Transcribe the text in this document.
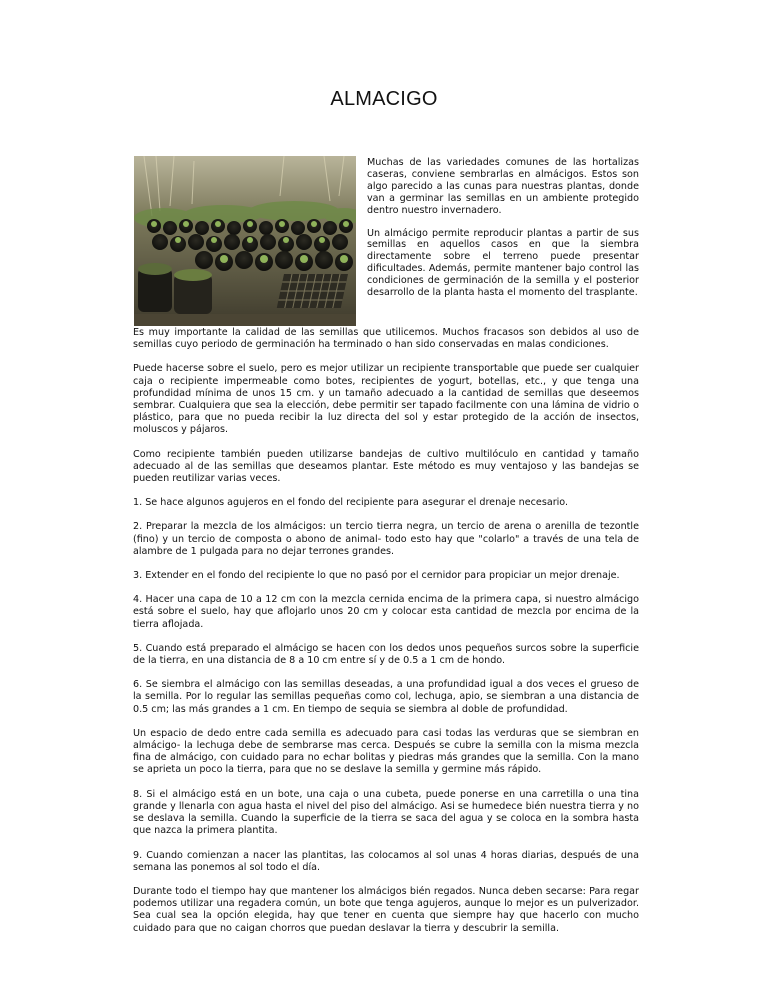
ALMACIGO

Muchas de las variedades comunes de las hortalizas caseras, conviene sembrarlas en almácigos. Estos son algo parecido a las cunas para nuestras plantas, donde van a germinar las semillas en un ambiente protegido dentro nuestro invernadero.

Un almácigo permite reproducir plantas a partir de sus semillas en aquellos casos en que la siembra directamente sobre el terreno puede presentar dificultades. Además, permite mantener bajo control las condiciones de germinación de la semilla y el posterior desarrollo de la planta hasta el momento del trasplante.

Es muy importante la calidad de las semillas que utilicemos. Muchos fracasos son debidos al uso de semillas cuyo periodo de germinación ha terminado o han sido conservadas en malas condiciones.

Puede hacerse sobre el suelo, pero es mejor utilizar un recipiente transportable que puede ser cualquier caja o recipiente impermeable como botes, recipientes de yogurt, botellas, etc., y que tenga una profundidad mínima de unos 15 cm. y un tamaño adecuado a la cantidad de semillas que deseemos sembrar. Cualquiera que sea la elección, debe permitir ser tapado facilmente con una lámina de vidrio o plástico, para que no pueda recibir la luz directa del sol y estar protegido de la acción de insectos, moluscos y pájaros.

Como recipiente también pueden utilizarse bandejas de cultivo multilóculo en cantidad y tamaño adecuado al de las semillas que deseamos plantar. Este método es muy ventajoso y las bandejas se pueden reutilizar varias veces.

1. Se hace algunos agujeros en el fondo del recipiente para asegurar el drenaje necesario.

2. Preparar la mezcla de los almácigos: un tercio tierra negra, un tercio de arena o arenilla de tezontle (fino) y un tercio de composta o abono de animal- todo esto hay que "colarlo" a través de una tela de alambre de 1 pulgada para no dejar terrones grandes.

3. Extender en el fondo del recipiente lo que no pasó por el cernidor para propiciar un mejor drenaje.

4. Hacer una capa de 10 a 12 cm con la mezcla cernida encima de la primera capa, si nuestro almácigo está sobre el suelo, hay que aflojarlo unos 20 cm y colocar esta cantidad de mezcla por encima de la tierra aflojada.

5. Cuando está preparado el almácigo se hacen con los dedos unos pequeños surcos sobre la superficie de la tierra, en una distancia de 8 a 10 cm entre sí y de 0.5 a 1 cm de hondo.

6. Se siembra el almácigo con las semillas deseadas, a una profundidad igual a dos veces el grueso de la semilla. Por lo regular las semillas pequeñas como col, lechuga, apio, se siembran a una distancia de 0.5 cm; las más grandes a 1 cm. En tiempo de sequia se siembra al doble de profundidad.

Un espacio de dedo entre cada semilla es adecuado para casi todas las verduras que se siembran en almácigo- la lechuga debe de sembrarse mas cerca. Después se cubre la semilla con la misma mezcla fina de almácigo, con cuidado para no echar bolitas y piedras más grandes que la semilla. Con la mano se aprieta un poco la tierra, para que no se deslave la semilla y germine más rápido.

8. Si el almácigo está en un bote, una caja o una cubeta, puede ponerse en una carretilla o una tina grande y llenarla con agua hasta el nivel del piso del almácigo. Asi se humedece bién nuestra tierra y no se deslava la semilla. Cuando la superficie de la tierra se saca del agua y se coloca en la sombra hasta que nazca la primera plantita.

9. Cuando comienzan a nacer las plantitas, las colocamos al sol unas 4 horas diarias, después de una semana las ponemos al sol todo el día.

Durante todo el tiempo hay que mantener los almácigos bién regados. Nunca deben secarse: Para regar podemos utilizar una regadera común, un bote que tenga agujeros, aunque lo mejor es un pulverizador. Sea cual sea la opción elegida, hay que tener en cuenta que siempre hay que hacerlo con mucho cuidado para que no caigan chorros que puedan deslavar la tierra y descubrir la semilla.
